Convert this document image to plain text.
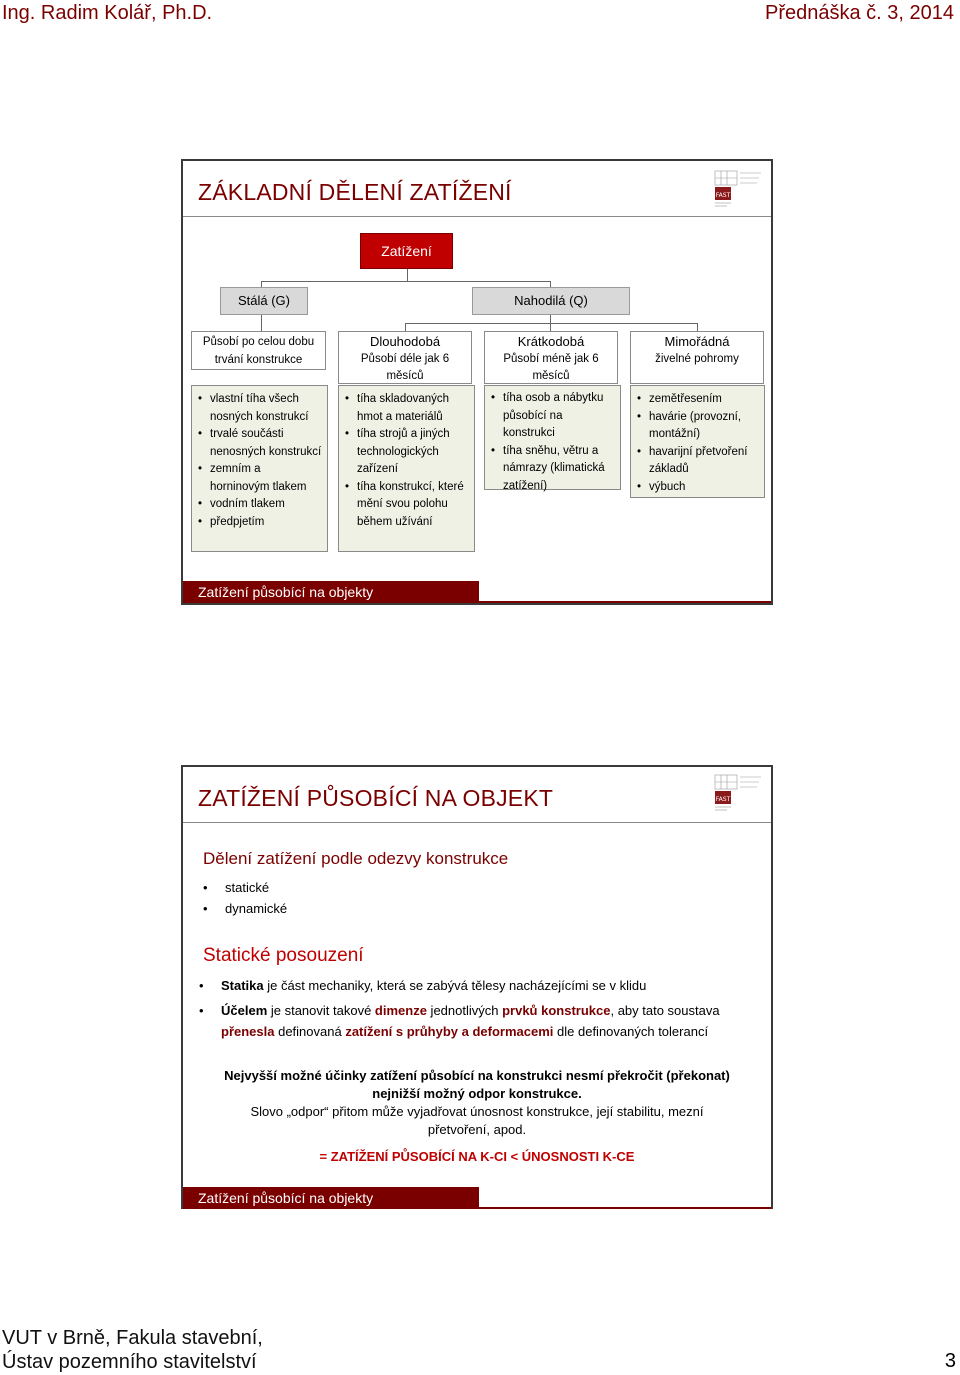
Ing. Radim Kolář, Ph.D.	Přednáška č. 3, 2014
ZÁKLADNÍ DĚLENÍ ZATÍŽENÍ	FAST
Zatížení
Stálá (G)	Nahodilá (Q)
Působí po celou dobu
trvání konstrukce
Dlouhodobá
Působí déle jak 6
měsíců
Krátkodobá
Působí méně jak 6
měsíců
Mimořádná
živelné pohromy
• vlastní tíha všech nosných konstrukcí
• trvalé součásti nenosných konstrukcí
• zemním a horninovým tlakem
• vodním tlakem
• předpjetím
• tíha skladovaných hmot a materiálů
• tíha strojů a jiných technologických zařízení
• tíha konstrukcí, které mění svou polohu během užívání
• tíha osob a nábytku působící na konstrukci
• tíha sněhu, větru a námrazy (klimatická zatížení)
• zemětřesením
• havárie (provozní, montážní)
• havarijní přetvoření základů
• výbuch
Zatížení působící na objekty
ZATÍŽENÍ PŮSOBÍCÍ NA OBJEKT	FAST
Dělení zatížení podle odezvy konstrukce
• statické
• dynamické
Statické posouzení
• Statika je část mechaniky, která se zabývá tělesy nacházejícími se v klidu
• Účelem je stanovit takové dimenze jednotlivých prvků konstrukce, aby tato soustava
přenesla definovaná zatížení s průhyby a deformacemi dle definovaných tolerancí
Nejvyšší možné účinky zatížení působící na konstrukci nesmí překročit (překonat)
nejnižší možný odpor konstrukce.
Slovo „odpor“ přitom může vyjadřovat únosnost konstrukce, její stabilitu, mezní
přetvoření, apod.
= ZATÍŽENÍ PŮSOBÍCÍ NA K-CI < ÚNOSNOSTI K-CE
Zatížení působící na objekty
VUT v Brně, Fakula stavební,
Ústav pozemního stavitelství	3
